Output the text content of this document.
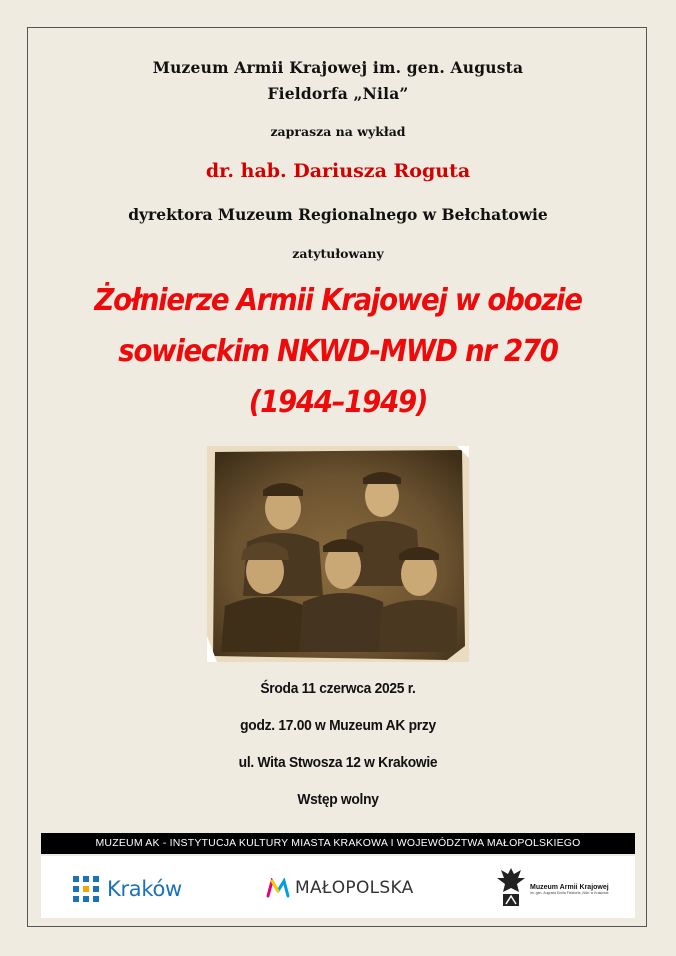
Muzeum Armii Krajowej im. gen. Augusta
Fieldorfa „Nila”
zaprasza na wykład
dr. hab. Dariusza Roguta
dyrektora Muzeum Regionalnego w Bełchatowie
zatytułowany
Żołnierze Armii Krajowej w obozie
sowieckim NKWD-MWD nr 270
(1944–1949)
Środa 11 czerwca 2025 r.
godz. 17.00 w Muzeum AK przy
ul. Wita Stwosza 12 w Krakowie
Wstęp wolny
MUZEUM AK - INSTYTUCJA KULTURY MIASTA KRAKOWA I WOJEWÓDZTWA MAŁOPOLSKIEGO
Kraków	MAŁOPOLSKA	Muzeum Armii Krajowej
im. gen. Augusta Emila Fieldorfa „Nila” w Krakowie
